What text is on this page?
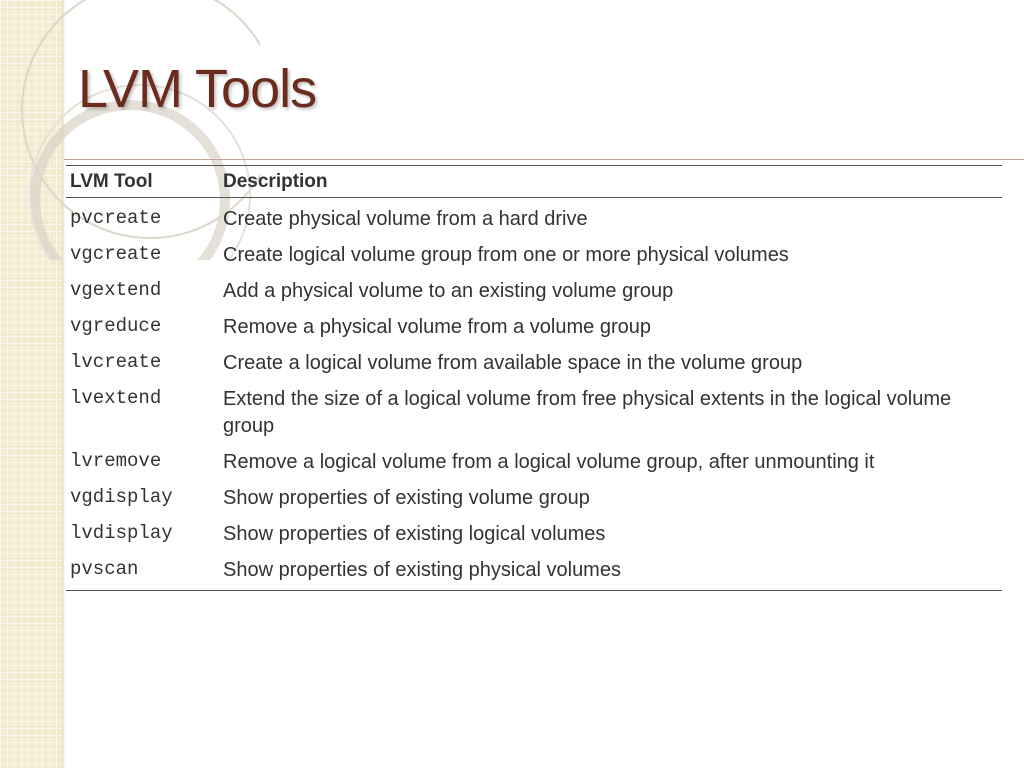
LVM Tools
LVM Tool	Description
pvcreate	Create physical volume from a hard drive
vgcreate	Create logical volume group from one or more physical volumes
vgextend	Add a physical volume to an existing volume group
vgreduce	Remove a physical volume from a volume group
lvcreate	Create a logical volume from available space in the volume group
lvextend	Extend the size of a logical volume from free physical extents in the logical volume group
lvremove	Remove a logical volume from a logical volume group, after unmounting it
vgdisplay	Show properties of existing volume group
lvdisplay	Show properties of existing logical volumes
pvscan	Show properties of existing physical volumes
